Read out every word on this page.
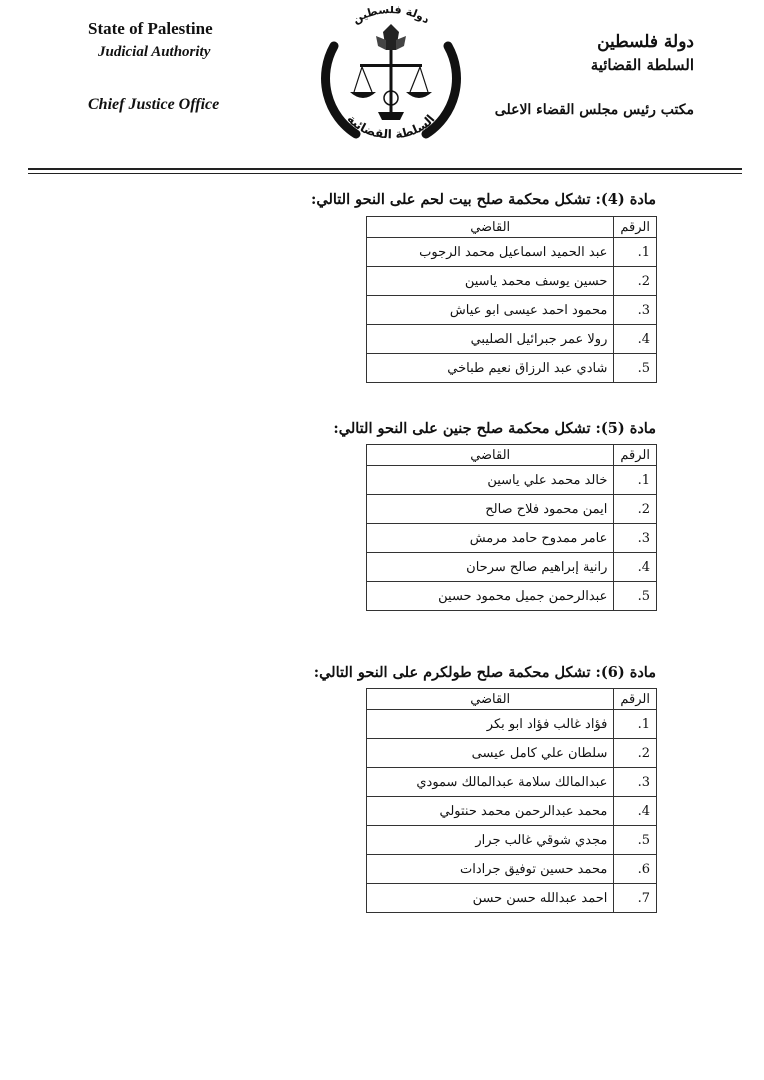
State of Palestine

Judicial Authority

Chief Justice Office

دولة فلسطين

السلطة القضائية

مكتب رئيس مجلس القضاء الاعلى
دولة فلسطين
السلطة القضائية
مادة (4): تشكل محكمة صلح بيت لحم على النحو التالي:
الرقم	القاضي
1.	عبد الحميد اسماعيل محمد الرجوب
2.	حسين يوسف محمد ياسين
3.	محمود احمد عيسى ابو عياش
4.	رولا عمر جبرائيل الصليبي
5.	شادي عبد الرزاق نعيم طباخي
مادة (5): تشكل محكمة صلح جنين على النحو التالي:
الرقم	القاضي
1.	خالد محمد علي ياسين
2.	ايمن محمود فلاح صالح
3.	عامر ممدوح حامد مرمش
4.	رانية إبراهيم صالح سرحان
5.	عبدالرحمن جميل محمود حسين
مادة (6): تشكل محكمة صلح طولكرم على النحو التالي:
الرقم	القاضي
1.	فؤاد غالب فؤاد ابو بكر
2.	سلطان علي كامل عيسى
3.	عبدالمالك سلامة عبدالمالك سمودي
4.	محمد عبدالرحمن محمد حنتولي
5.	مجدي شوقي غالب جرار
6.	محمد حسين توفيق جرادات
7.	احمد عبدالله حسن حسن
